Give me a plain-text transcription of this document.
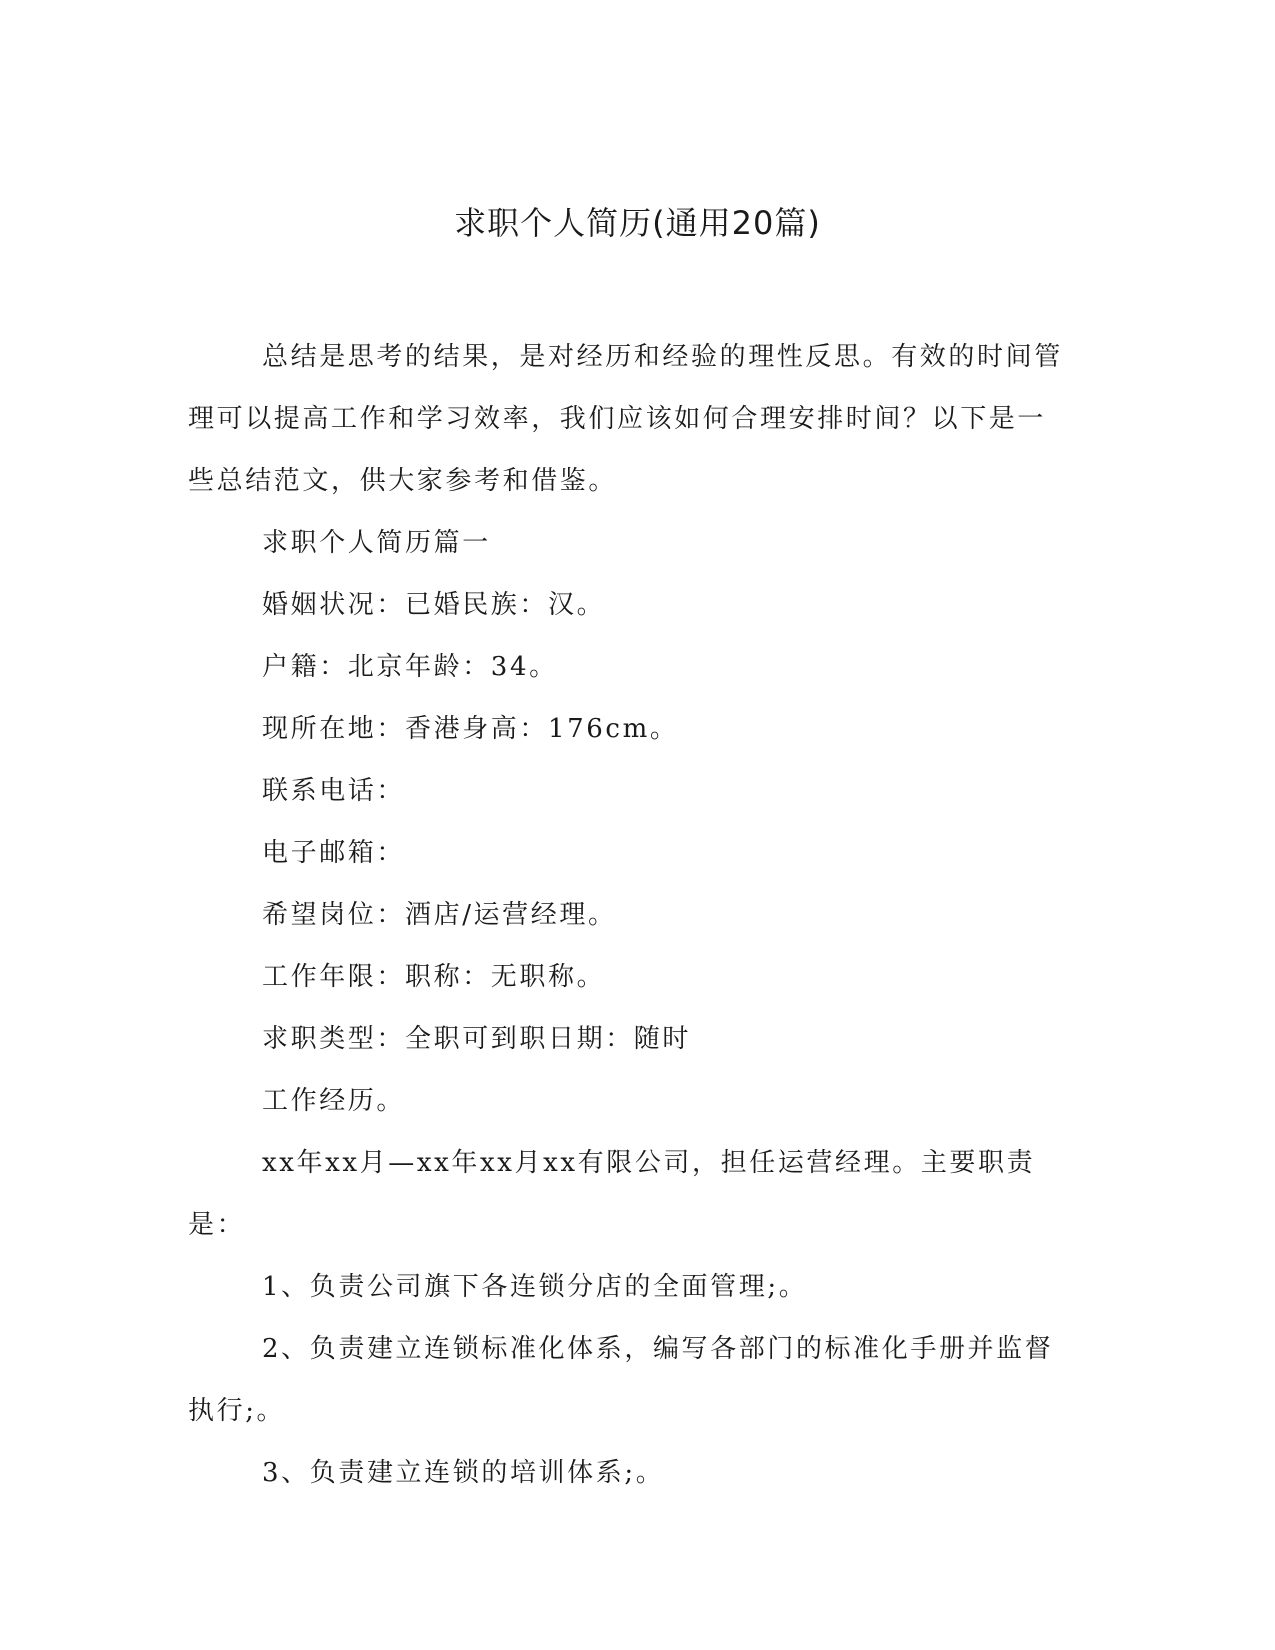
求职个人简历(通用20篇)

总结是思考的结果，是对经历和经验的理性反思。有效的时间管理可以提高工作和学习效率，我们应该如何合理安排时间？以下是一些总结范文，供大家参考和借鉴。

求职个人简历篇一

婚姻状况：已婚民族：汉。

户籍：北京年龄：34。

现所在地：香港身高：176cm。

联系电话：

电子邮箱：

希望岗位：酒店/运营经理。

工作年限：职称：无职称。

求职类型：全职可到职日期：随时

工作经历。

xx年xx月—xx年xx月xx有限公司，担任运营经理。主要职责是：

1、负责公司旗下各连锁分店的全面管理;。

2、负责建立连锁标准化体系，编写各部门的标准化手册并监督执行;。

3、负责建立连锁的培训体系;。
